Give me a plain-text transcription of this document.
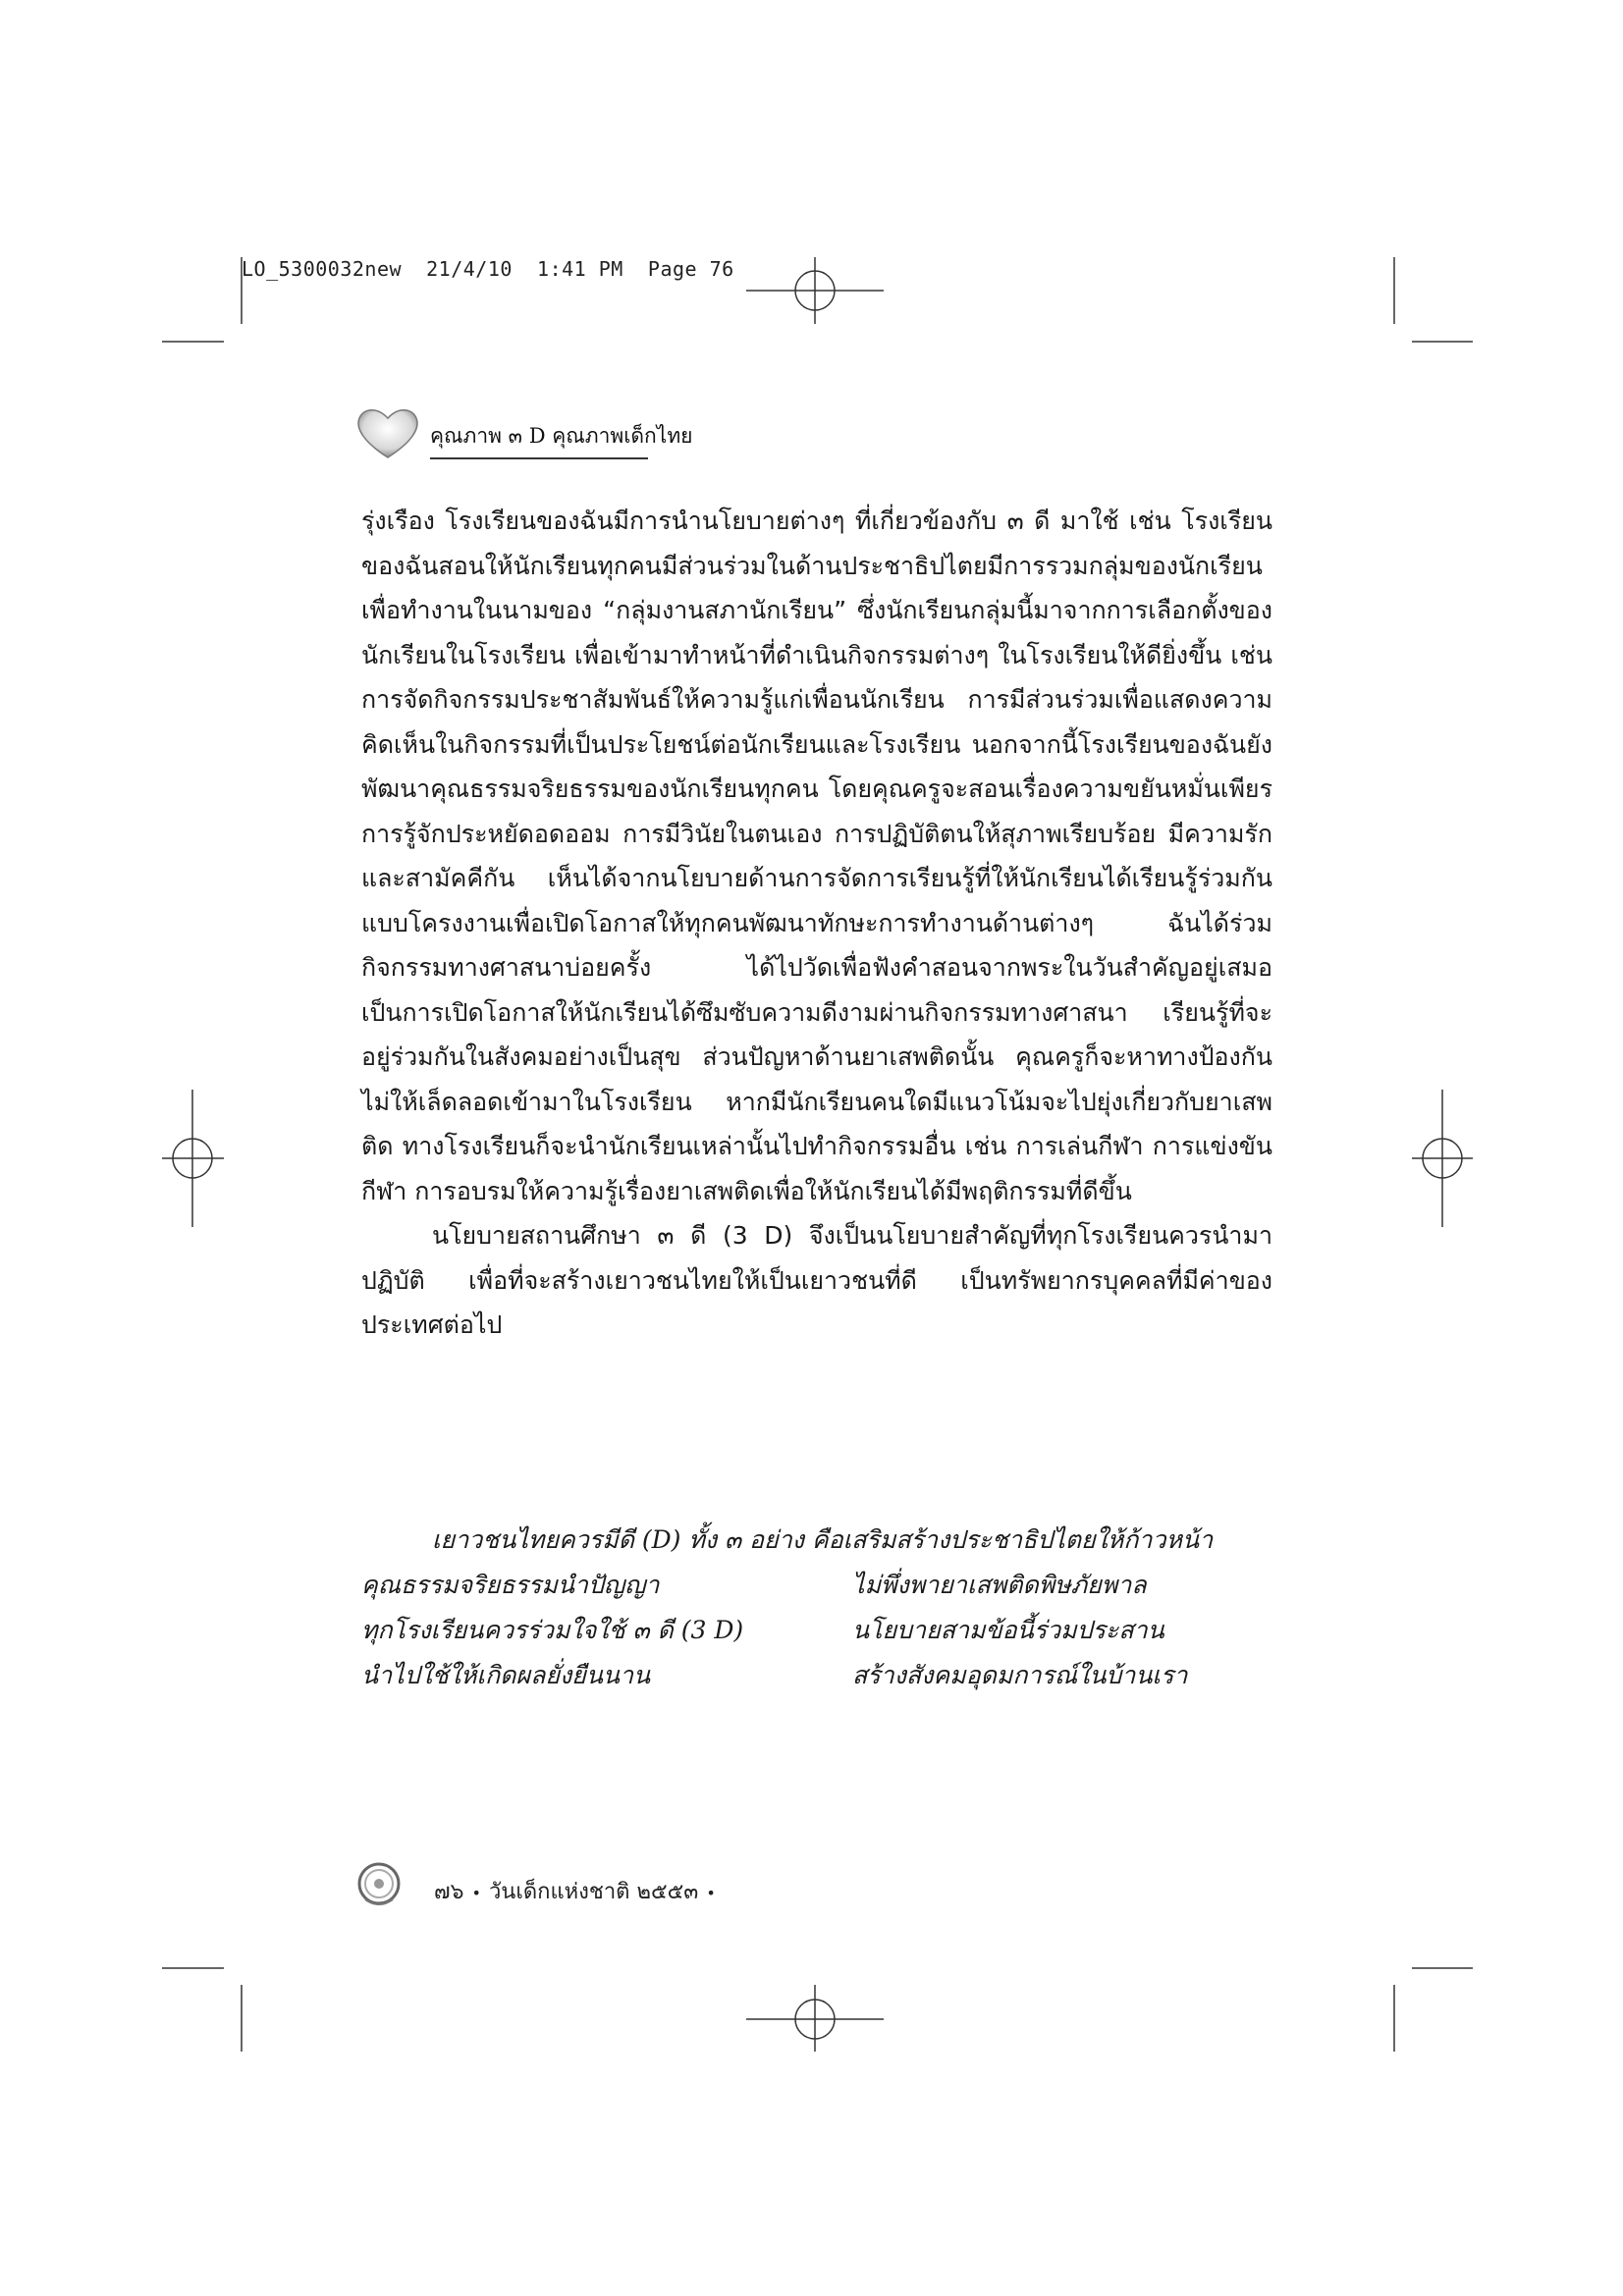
LO_5300032new 21/4/10 1:41 PM Page 76
คุณภาพ ๓ D คุณภาพเด็กไทย

รุ่งเรือง โรงเรียนของฉันมีการนำนโยบายต่างๆ ที่เกี่ยวข้องกับ ๓ ดี มาใช้ เช่น โรงเรียนของฉันสอนให้นักเรียนทุกคนมีส่วนร่วมในด้านประชาธิปไตยมีการรวมกลุ่มของนักเรียนเพื่อทำงานในนามของ “กลุ่มงานสภานักเรียน” ซึ่งนักเรียนกลุ่มนี้มาจากการเลือกตั้งของนักเรียนในโรงเรียน เพื่อเข้ามาทำหน้าที่ดำเนินกิจกรรมต่างๆ ในโรงเรียนให้ดียิ่งขึ้น เช่น การจัดกิจกรรมประชาสัมพันธ์ให้ความรู้แก่เพื่อนนักเรียน การมีส่วนร่วมเพื่อแสดงความคิดเห็นในกิจกรรมที่เป็นประโยชน์ต่อนักเรียนและโรงเรียน นอกจากนี้โรงเรียนของฉันยังพัฒนาคุณธรรมจริยธรรมของนักเรียนทุกคน โดยคุณครูจะสอนเรื่องความขยันหมั่นเพียร การรู้จักประหยัดอดออม การมีวินัยในตนเอง การปฏิบัติตนให้สุภาพเรียบร้อย มีความรักและสามัคคีกัน เห็นได้จากนโยบายด้านการจัดการเรียนรู้ที่ให้นักเรียนได้เรียนรู้ร่วมกันแบบโครงงานเพื่อเปิดโอกาสให้ทุกคนพัฒนาทักษะการทำงานด้านต่างๆ ฉันได้ร่วมกิจกรรมทางศาสนาบ่อยครั้ง ได้ไปวัดเพื่อฟังคำสอนจากพระในวันสำคัญอยู่เสมอ เป็นการเปิดโอกาสให้นักเรียนได้ซึมซับความดีงามผ่านกิจกรรมทางศาสนา เรียนรู้ที่จะอยู่ร่วมกันในสังคมอย่างเป็นสุข ส่วนปัญหาด้านยาเสพติดนั้น คุณครูก็จะหาทางป้องกันไม่ให้เล็ดลอดเข้ามาในโรงเรียน หากมีนักเรียนคนใดมีแนวโน้มจะไปยุ่งเกี่ยวกับยาเสพติด ทางโรงเรียนก็จะนำนักเรียนเหล่านั้นไปทำกิจกรรมอื่น เช่น การเล่นกีฬา การแข่งขันกีฬา การอบรมให้ความรู้เรื่องยาเสพติดเพื่อให้นักเรียนได้มีพฤติกรรมที่ดีขึ้น

นโยบายสถานศึกษา ๓ ดี (3 D) จึงเป็นนโยบายสำคัญที่ทุกโรงเรียนควรนำมาปฏิบัติ เพื่อที่จะสร้างเยาวชนไทยให้เป็นเยาวชนที่ดี เป็นทรัพยากรบุคคลที่มีค่าของประเทศต่อไป

เยาวชนไทยควรมีดี (D) ทั้ง ๓ อย่าง คือเสริมสร้างประชาธิปไตยให้ก้าวหน้า
คุณธรรมจริยธรรมนำปัญญา	ไม่พึ่งพายาเสพติดพิษภัยพาล
ทุกโรงเรียนควรร่วมใจใช้ ๓ ดี (3 D)	นโยบายสามข้อนี้ร่วมประสาน
นำไปใช้ให้เกิดผลยั่งยืนนาน	สร้างสังคมอุดมการณ์ในบ้านเรา
๗๖ • วันเด็กแห่งชาติ ๒๕๕๓ •
